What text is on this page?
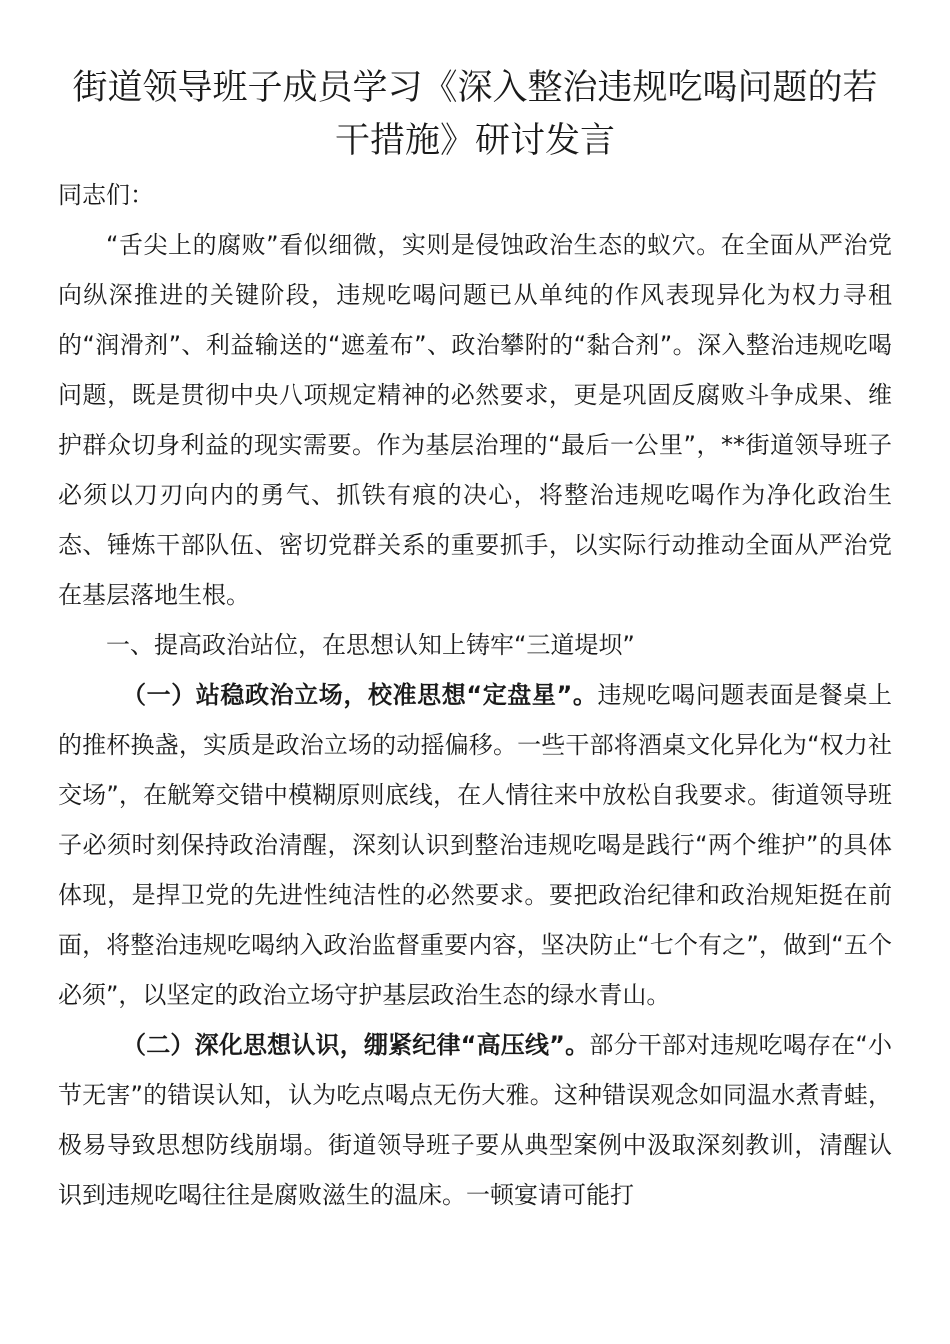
街道领导班子成员学习《深入整治违规吃喝问题的若干措施》研讨发言

同志们：

“舌尖上的腐败”看似细微，实则是侵蚀政治生态的蚁穴。在全面从严治党向纵深推进的关键阶段，违规吃喝问题已从单纯的作风表现异化为权力寻租的“润滑剂”、利益输送的“遮羞布”、政治攀附的“黏合剂”。深入整治违规吃喝问题，既是贯彻中央八项规定精神的必然要求，更是巩固反腐败斗争成果、维护群众切身利益的现实需要。作为基层治理的“最后一公里”，**街道领导班子必须以刀刃向内的勇气、抓铁有痕的决心，将整治违规吃喝作为净化政治生态、锤炼干部队伍、密切党群关系的重要抓手，以实际行动推动全面从严治党在基层落地生根。

一、提高政治站位，在思想认知上铸牢“三道堤坝”

（一）站稳政治立场，校准思想“定盘星”。违规吃喝问题表面是餐桌上的推杯换盏，实质是政治立场的动摇偏移。一些干部将酒桌文化异化为“权力社交场”，在觥筹交错中模糊原则底线，在人情往来中放松自我要求。街道领导班子必须时刻保持政治清醒，深刻认识到整治违规吃喝是践行“两个维护”的具体体现，是捍卫党的先进性纯洁性的必然要求。要把政治纪律和政治规矩挺在前面，将整治违规吃喝纳入政治监督重要内容，坚决防止“七个有之”，做到“五个必须”，以坚定的政治立场守护基层政治生态的绿水青山。

（二）深化思想认识，绷紧纪律“高压线”。部分干部对违规吃喝存在“小节无害”的错误认知，认为吃点喝点无伤大雅。这种错误观念如同温水煮青蛙，极易导致思想防线崩塌。街道领导班子要从典型案例中汲取深刻教训，清醒认识到违规吃喝往往是腐败滋生的温床。一顿宴请可能打
